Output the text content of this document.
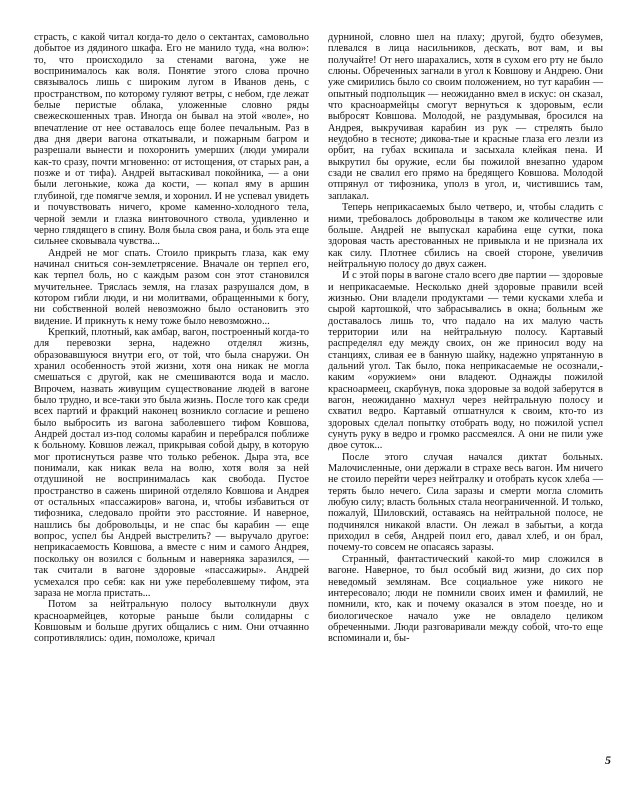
страсть, с какой читал когда-то дело о сектантах, самовольно добытое из дядиного шкафа. Его не манило туда, «на волю»: то, что происходило за стенами вагона, уже не воспринималось как воля. Понятие этого слова прочно связывалось лишь с широким лугом в Иванов день, с пространством, по которому гуляют ветры, с небом, где лежат белые перистые облака, уложенные словно ряды свежескошенных трав. Иногда он бывал на этой «воле», но впечатление от нее оставалось еще более печальным. Раз в два дня двери вагона откатывали, и пожарным багром и разрешали вынести и похоронить умерших (люди умирали как-то сразу, почти мгновенно: от истощения, от старых ран, а позже и от тифа). Андрей вытаскивал покойника, — а они были легонькие, кожа да кости, — копал яму в аршин глубиной, где помягче земля, и хоронил. И не успевал увидеть и почувствовать ничего, кроме каменно-холодного тела, черной земли и глазка винтовочного ствола, удивленно и черно глядящего в спину. Воля была своя рана, и боль эта еще сильнее сковывала чувства...

Андрей не мог спать. Стоило прикрыть глаза, как ему начинал сниться сон-землетрясение. Вначале он терпел его, как терпел боль, но с каждым разом сон этот становился мучительнее. Тряслась земля, на глазах разрушался дом, в котором гибли люди, и ни молитвами, обращенными к богу, ни собственной волей невозможно было остановить это видение. И прикнуть к нему тоже было невозможно...

Крепкий, плотный, как амбар, вагон, построенный когда-то для перевозки зерна, надежно отделял жизнь, образовавшуюся внутри его, от той, что была снаружи. Он хранил особенность этой жизни, хотя она никак не могла смешаться с другой, как не смешиваются вода и масло. Впрочем, назвать живущим существование людей в вагоне было трудно, и все-таки это была жизнь. После того как среди всех партий и фракций наконец возникло согласие и решено было выбросить из вагона заболевшего тифом Ковшова, Андрей достал из-под соломы карабин и перебрался поближе к больному. Ковшов лежал, прикрывая собой дыру, в которую мог протиснуться разве что только ребенок. Дыра эта, все понимали, как никак вела на волю, хотя воля за ней отдушиной не воспринималась как свобода. Пустое пространство в сажень шириной отделяло Ковшова и Андрея от остальных «пассажиров» вагона, и, чтобы избавиться от тифозника, следовало пройти это расстояние. И наверное, нашлись бы добровольцы, и не спас бы карабин — еще вопрос, успел бы Андрей выстрелить? — выручало другое: неприкасаемость Ковшова, а вместе с ним и самого Андрея, поскольку он возился с больным и наверняка заразился, — так считали в вагоне здоровые «пассажиры». Андрей усмехался про себя: как ни уже переболевшему тифом, эта зараза не могла пристать...

Потом за нейтральную полосу вытолкнули двух красноармейцев, которые раньше были солидарны с Ковшовым и больше других общались с ним. Они отчаянно сопротивлялись: один, помоложе, кричал

дурниной, словно шел на плаху; другой, будто обезумев, плевался в лица насильников, дескать, вот вам, и вы получайте! От него шарахались, хотя в сухом его рту не было слюны. Обреченных загнали в угол к Ковшову и Андрею. Они уже смирились было со своим положением, но тут карабин — опытный подпольщик — неожиданно вмел в искус: он сказал, что красноармейцы смогут вернуться к здоровым, если выбросят Ковшова. Молодой, не раздумывая, бросился на Андрея, выкручивая карабин из рук — стрелять было неудобно в тесноте; дикова-тые и красные глаза его лезли из орбит, на губах вскипала и засыхала клейкая пена. И выкрутил бы оружие, если бы пожилой внезапно ударом сзади не свалил его прямо на бредящего Ковшова. Молодой отпрянул от тифозника, уполз в угол, и, чистившись там, заплакал.

Теперь неприкасаемых было четверо, и, чтобы сладить с ними, требовалось добровольцы в таком же количестве или больше. Андрей не выпускал карабина еще сутки, пока здоровая часть арестованных не привыкла и не признала их как силу. Плотнее сбились на своей стороне, увеличив нейтральную полосу до двух сажен.

И с этой поры в вагоне стало всего две партии — здоровые и неприкасаемые. Несколько дней здоровые правили всей жизнью. Они владели продуктами — теми кусками хлеба и сырой картошкой, что забрасывались в окна; больным же доставалось лишь то, что падало на их малую часть территории или на нейтральную полосу. Картавый распределял еду между своих, он же приносил воду на станциях, сливая ее в банную шайку, надежно упрятанную в дальний угол. Так было, пока неприкасаемые не осознали,-каким «оружием» они владеют. Однажды пожилой красноармеец, скарбунув, пока здоровые за водой заберутся в вагон, неожиданно махнул через нейтральную полосу и схватил ведро. Картавый отшатнулся к своим, кто-то из здоровых сделал попытку отобрать воду, но пожилой успел сунуть руку в ведро и громко рассмеялся. А они не пили уже двое суток...

После этого случая начался диктат больных. Малочисленные, они держали в страхе весь вагон. Им ничего не стоило перейти через нейтралку и отобрать кусок хлеба — терять было нечего. Сила заразы и смерти могла сломить любую силу; власть больных стала неограниченной. И только, пожалуй, Шиловский, оставаясь на нейтральной полосе, не подчинялся никакой власти. Он лежал в забытьи, а когда приходил в себя, Андрей поил его, давал хлеб, и он брал, почему-то совсем не опасаясь заразы.

Странный, фантастический какой-то мир сложился в вагоне. Наверное, то был особый вид жизни, до сих пор неведомый землянам. Все социальное уже никого не интересовало; люди не помнили своих имен и фамилий, не помнили, кто, как и почему оказался в этом поезде, но и биологическое начало уже не овладело целиком обреченными. Люди разговаривали между собой, что-то еще вспоминали и, бы-

5
